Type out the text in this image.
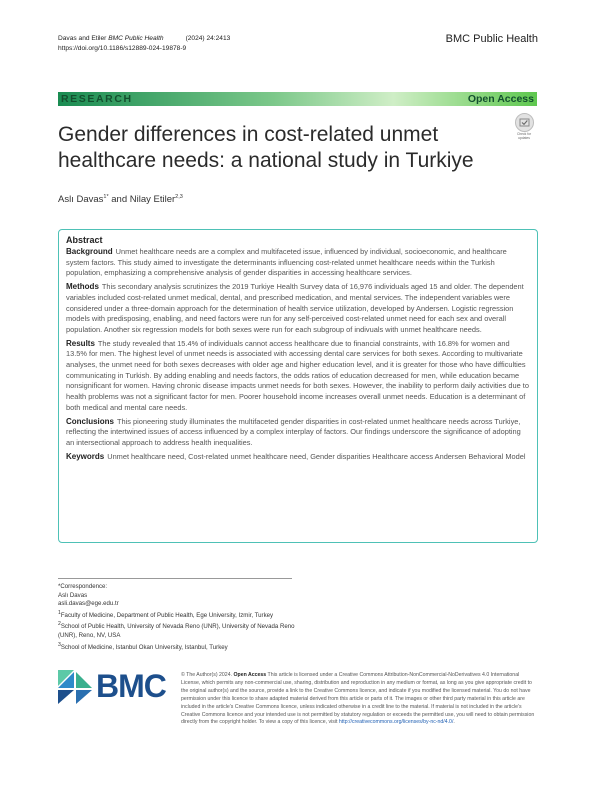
Davas and Etiler BMC Public Health	(2024) 24:2413
https://doi.org/10.1186/s12889-024-19878-9
BMC Public Health
RESEARCH	Open Access
Gender differences in cost-related unmet
healthcare needs: a national study in Turkiye
Check for
updates
Aslı Davas$^{1*}$ and Nilay Etiler$^{2,3}$
Abstract

Background Unmet healthcare needs are a complex and multifaceted issue, influenced by individual, socioeconomic, and healthcare system factors. This study aimed to investigate the determinants influencing cost-related unmet healthcare needs within the Turkish population, emphasizing a comprehensive analysis of gender disparities in accessing healthcare services.

Methods This secondary analysis scrutinizes the 2019 Turkiye Health Survey data of 16,976 individuals aged 15 and older. The dependent variables included cost-related unmet medical, dental, and prescribed medication, and mental services. The independent variables were considered under a three-domain approach for the determination of health service utilization, developed by Andersen. Logistic regression models with predisposing, enabling, and need factors were run for any self-perceived cost-related unmet need for each sex and overall population. Another six regression models for both sexes were run for each subgroup of indivuals with unmet healthcare needs.

Results The study revealed that 15.4% of individuals cannot access healthcare due to financial constraints, with 16.8% for women and 13.5% for men. The highest level of unmet needs is associated with accessing dental care services for both sexes. According to multivariate analyses, the unmet need for both sexes decreases with older age and higher education level, and it is greater for those who have difficulties communicating in Turkish. By adding enabling and needs factors, the odds ratios of education decreased for men, while education became nonsignificant for women. Having chronic disease impacts unmet needs for both sexes. However, the inability to perform daily activities due to health problems was not a significant factor for men. Poorer household income increases overall unmet needs. Education is a determinant of both medical and mental care needs.

Conclusions This pioneering study illuminates the multifaceted gender disparities in cost-related unmet healthcare needs across Turkiye, reflecting the intertwined issues of access influenced by a complex interplay of factors. Our findings underscore the significance of adopting an intersectional approach to address health inequalities.

Keywords Unmet healthcare need, Cost-related unmet healthcare need, Gender disparities Healthcare access Andersen Behavioral Model

*Correspondence:
Aslı Davas
asli.davas@ege.edu.tr
$^1$Faculty of Medicine, Department of Public Health, Ege University, Izmir, Turkey
$^2$School of Public Health, University of Nevada Reno (UNR), University of Nevada Reno (UNR), Reno, NV, USA
$^3$School of Medicine, Istanbul Okan University, Istanbul, Turkey
BMC	© The Author(s) 2024. Open Access This article is licensed under a Creative Commons Attribution-NonCommercial-NoDerivatives 4.0 International License, which permits any non-commercial use, sharing, distribution and reproduction in any medium or format, as long as you give appropriate credit to the original author(s) and the source, provide a link to the Creative Commons licence, and indicate if you modified the licensed material. You do not have permission under this licence to share adapted material derived from this article or parts of it. The images or other third party material in this article are included in the article’s Creative Commons licence, unless indicated otherwise in a credit line to the material. If material is not included in the article’s Creative Commons licence and your intended use is not permitted by statutory regulation or exceeds the permitted use, you will need to obtain permission directly from the copyright holder. To view a copy of this licence, visit http://creativecommons.org/licenses/by-nc-nd/4.0/.
